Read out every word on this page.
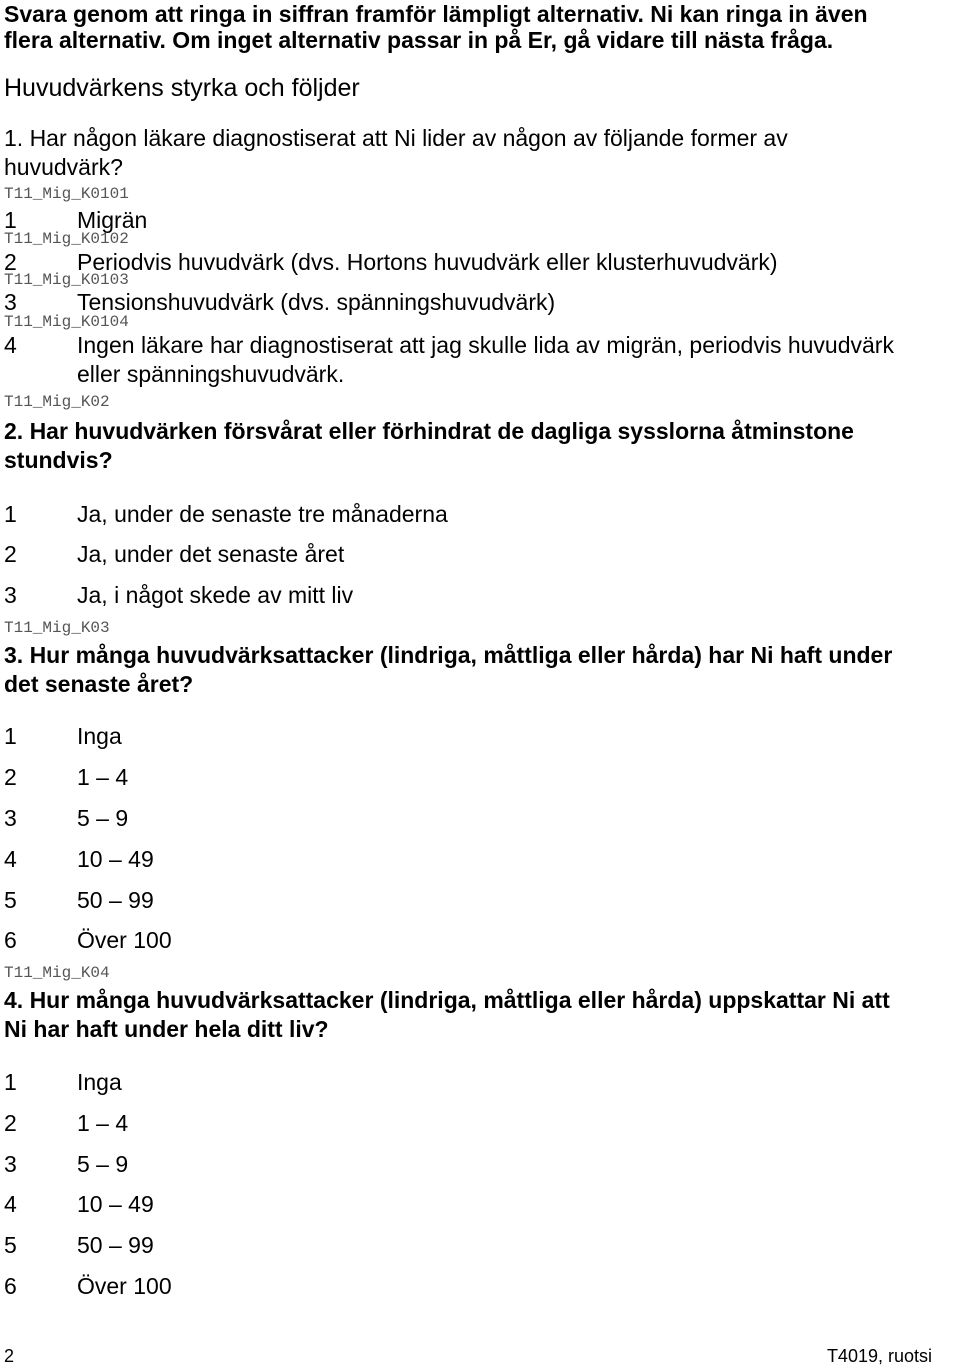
Svara genom att ringa in siffran framför lämpligt alternativ. Ni kan ringa in även
flera alternativ. Om inget alternativ passar in på Er, gå vidare till nästa fråga.
Huvudvärkens styrka och följder
1. Har någon läkare diagnostiserat att Ni lider av någon av följande former av
huvudvärk?
T11_Mig_K0101
1	Migrän
T11_Mig_K0102
2	Periodvis huvudvärk (dvs. Hortons huvudvärk eller klusterhuvudvärk)
T11_Mig_K0103
3	Tensionshuvudvärk (dvs. spänningshuvudvärk)
T11_Mig_K0104
4	Ingen läkare har diagnostiserat att jag skulle lida av migrän, periodvis huvudvärk
eller spänningshuvudvärk.
T11_Mig_K02
2. Har huvudvärken försvårat eller förhindrat de dagliga sysslorna åtminstone
stundvis?
1	Ja, under de senaste tre månaderna
2	Ja, under det senaste året
3	Ja, i något skede av mitt liv
T11_Mig_K03
3. Hur många huvudvärksattacker (lindriga, måttliga eller hårda) har Ni haft under
det senaste året?
1	Inga
2	1 – 4
3	5 – 9
4	10 – 49
5	50 – 99
6	Över 100
T11_Mig_K04
4. Hur många huvudvärksattacker (lindriga, måttliga eller hårda) uppskattar Ni att
Ni har haft under hela ditt liv?
1	Inga
2	1 – 4
3	5 – 9
4	10 – 49
5	50 – 99
6	Över 100
2	T4019, ruotsi
